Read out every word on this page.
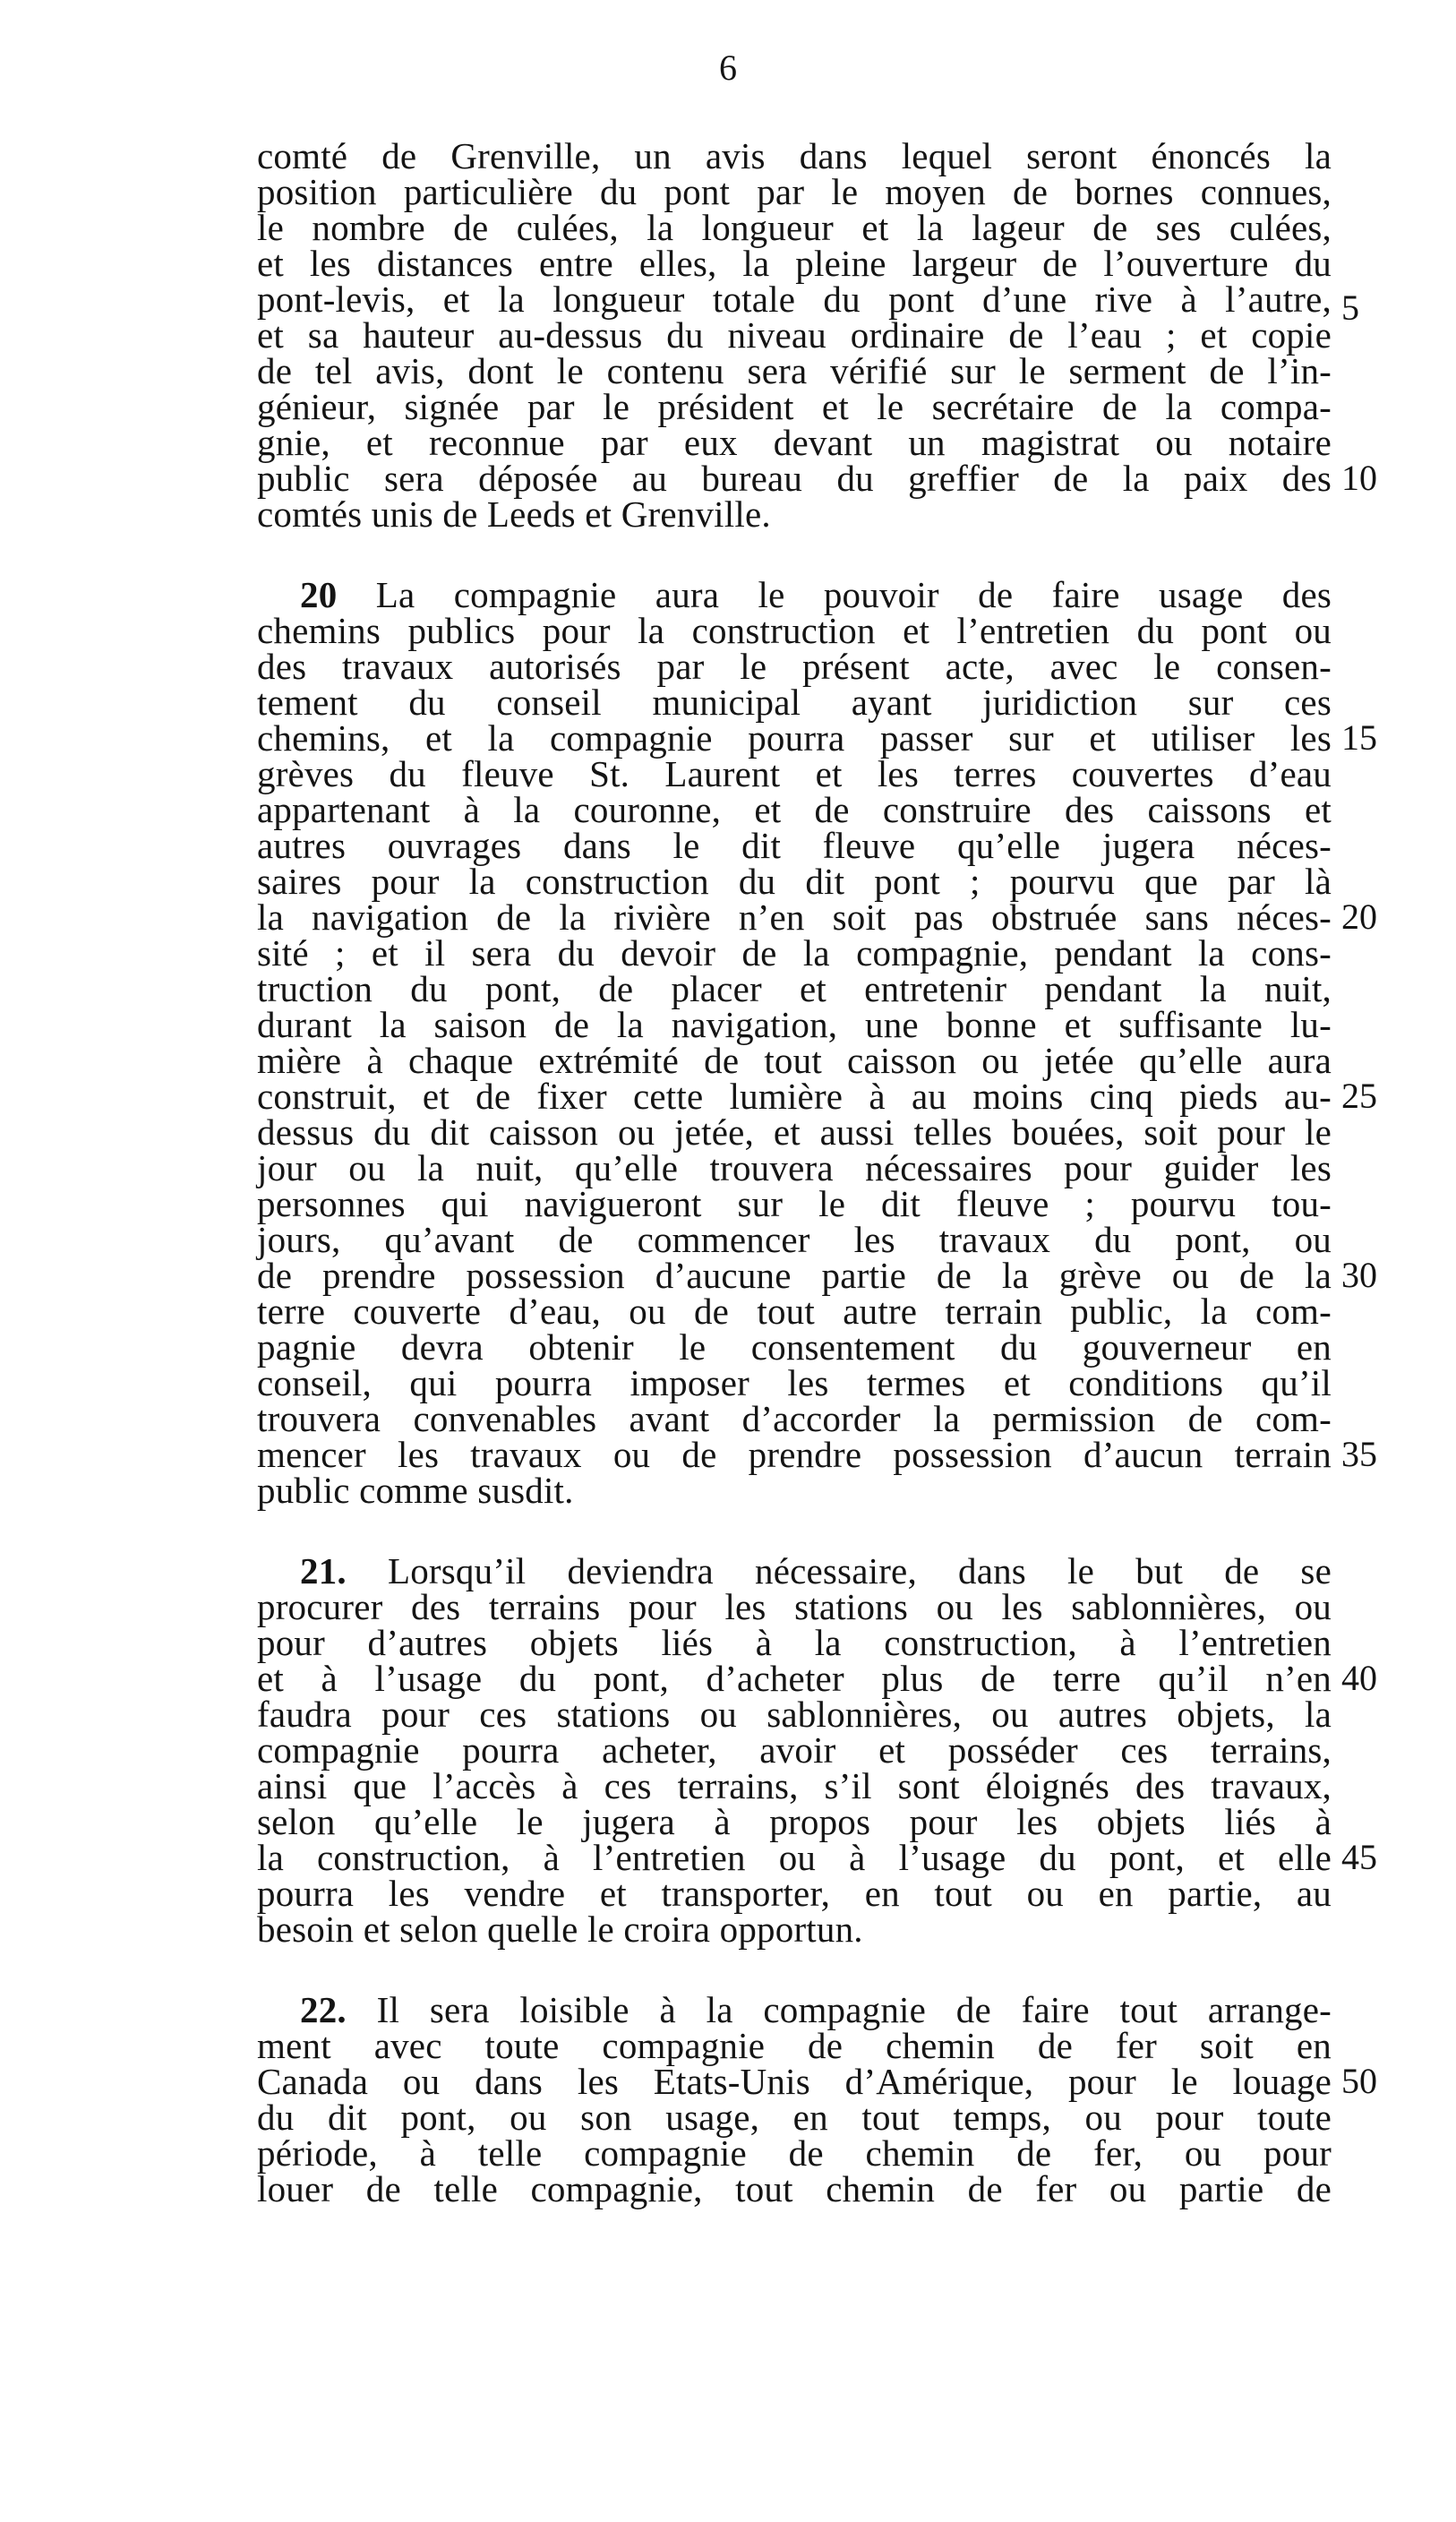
6
comté de Grenville, un avis dans lequel seront énoncés la
position particulière du pont par le moyen de bornes connues,
le nombre de culées, la longueur et la lageur de ses culées,
et les distances entre elles, la pleine largeur de l’ouverture du
pont-levis, et la longueur totale du pont d’une rive à l’autre,
et sa hauteur au-dessus du niveau ordinaire de l’eau ; et copie
de tel avis, dont le contenu sera vérifié sur le serment de l’in-
génieur, signée par le président et le secrétaire de la compa-
gnie, et reconnue par eux devant un magistrat ou notaire
public sera déposée au bureau du greffier de la paix des
comtés unis de Leeds et Grenville.
20 La compagnie aura le pouvoir de faire usage des
chemins publics pour la construction et l’entretien du pont ou
des travaux autorisés par le présent acte, avec le consen-
tement du conseil municipal ayant juridiction sur ces
chemins, et la compagnie pourra passer sur et utiliser les
grèves du fleuve St. Laurent et les terres couvertes d’eau
appartenant à la couronne, et de construire des caissons et
autres ouvrages dans le dit fleuve qu’elle jugera néces-
saires pour la construction du dit pont ; pourvu que par là
la navigation de la rivière n’en soit pas obstruée sans néces-
sité ; et il sera du devoir de la compagnie, pendant la cons-
truction du pont, de placer et entretenir pendant la nuit,
durant la saison de la navigation, une bonne et suffisante lu-
mière à chaque extrémité de tout caisson ou jetée qu’elle aura
construit, et de fixer cette lumière à au moins cinq pieds au-
dessus du dit caisson ou jetée, et aussi telles bouées, soit pour le
jour ou la nuit, qu’elle trouvera nécessaires pour guider les
personnes qui navigueront sur le dit fleuve ; pourvu tou-
jours, qu’avant de commencer les travaux du pont, ou
de prendre possession d’aucune partie de la grève ou de la
terre couverte d’eau, ou de tout autre terrain public, la com-
pagnie devra obtenir le consentement du gouverneur en
conseil, qui pourra imposer les termes et conditions qu’il
trouvera convenables avant d’accorder la permission de com-
mencer les travaux ou de prendre possession d’aucun terrain
public comme susdit.
21. Lorsqu’il deviendra nécessaire, dans le but de se
procurer des terrains pour les stations ou les sablonnières, ou
pour d’autres objets liés à la construction, à l’entretien
et à l’usage du pont, d’acheter plus de terre qu’il n’en
faudra pour ces stations ou sablonnières, ou autres objets, la
compagnie pourra acheter, avoir et posséder ces terrains,
ainsi que l’accès à ces terrains, s’il sont éloignés des travaux,
selon qu’elle le jugera à propos pour les objets liés à
la construction, à l’entretien ou à l’usage du pont, et elle
pourra les vendre et transporter, en tout ou en partie, au
besoin et selon quelle le croira opportun.
22. Il sera loisible à la compagnie de faire tout arrange-
ment avec toute compagnie de chemin de fer soit en
Canada ou dans les Etats-Unis d’Amérique, pour le louage
du dit pont, ou son usage, en tout temps, ou pour toute
période, à telle compagnie de chemin de fer, ou pour
louer de telle compagnie, tout chemin de fer ou partie de
5
10
15
20
25
30
35
40
45
50
